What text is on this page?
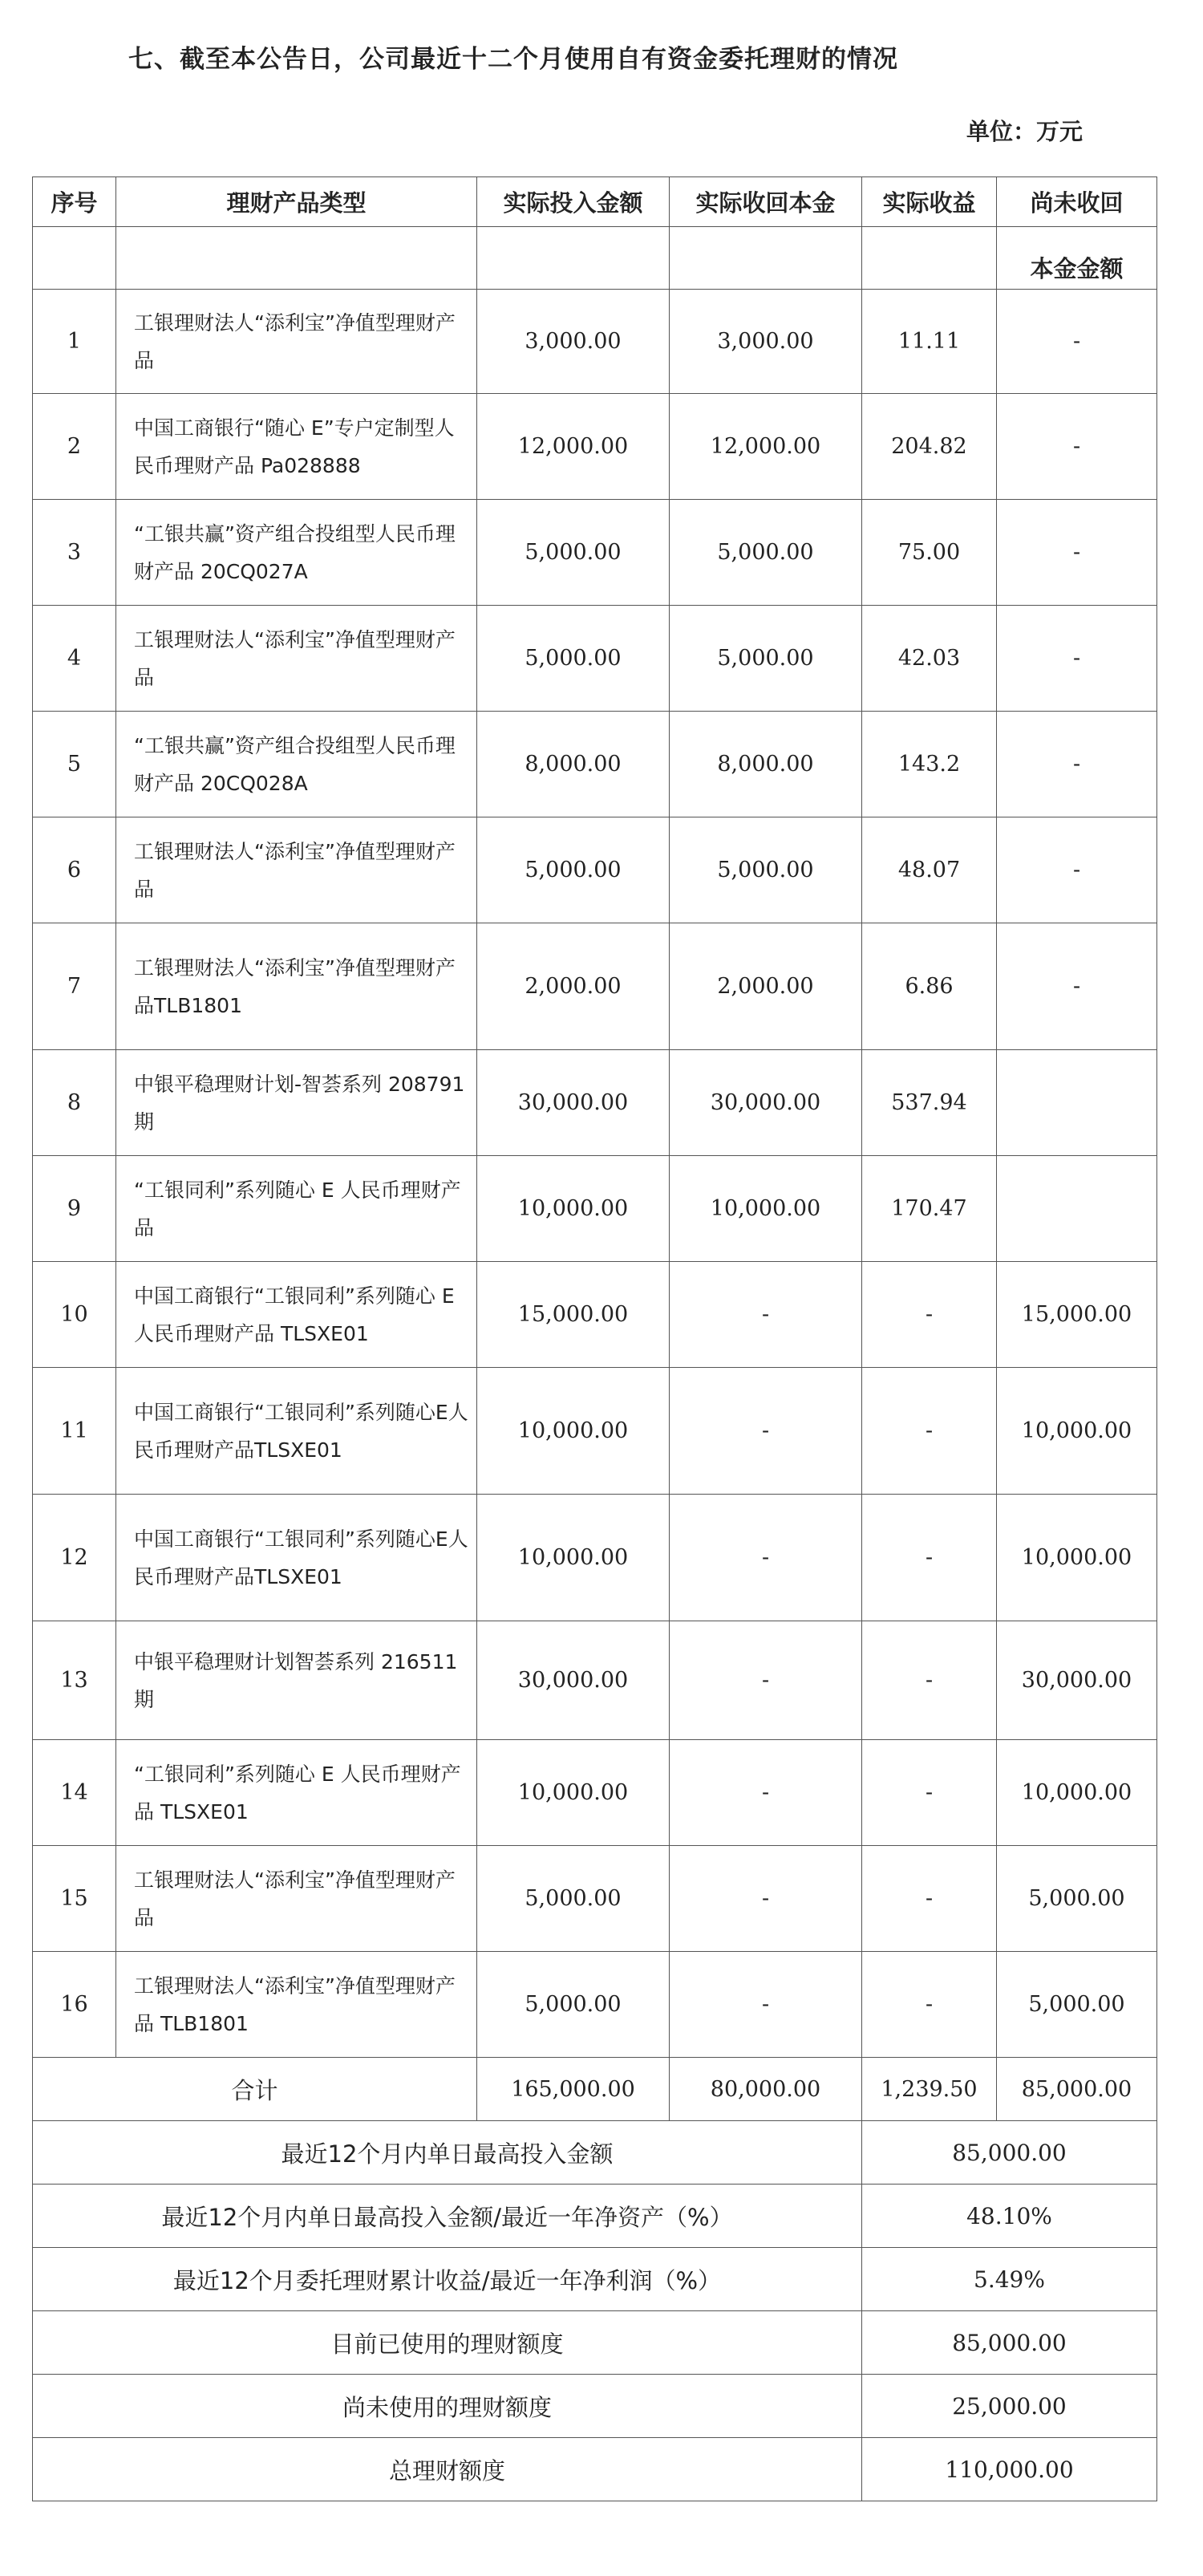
七、截至本公告日，公司最近十二个月使用自有资金委托理财的情况
单位：万元
序号	理财产品类型	实际投入金额	实际收回本金	实际收益	尚未收回
					本金金额
1	工银理财法人“添利宝”净值型理财产品	3,000.00	3,000.00	11.11	-
2	中国工商银行“随心 E”专户定制型人民币理财产品 Pa028888	12,000.00	12,000.00	204.82	-
3	“工银共赢”资产组合投组型人民币理财产品 20CQ027A	5,000.00	5,000.00	75.00	-
4	工银理财法人“添利宝”净值型理财产品	5,000.00	5,000.00	42.03	-
5	“工银共赢”资产组合投组型人民币理财产品 20CQ028A	8,000.00	8,000.00	143.2	-
6	工银理财法人“添利宝”净值型理财产品	5,000.00	5,000.00	48.07	-
7	工银理财法人“添利宝”净值型理财产品TLB1801	2,000.00	2,000.00	6.86	-
8	中银平稳理财计划-智荟系列 208791 期	30,000.00	30,000.00	537.94	
9	“工银同利”系列随心 E 人民币理财产品	10,000.00	10,000.00	170.47	
10	中国工商银行“工银同利”系列随心 E 人民币理财产品 TLSXE01	15,000.00	-	-	15,000.00
11	中国工商银行“工银同利”系列随心E人民币理财产品TLSXE01	10,000.00	-	-	10,000.00
12	中国工商银行“工银同利”系列随心E人民币理财产品TLSXE01	10,000.00	-	-	10,000.00
13	中银平稳理财计划智荟系列 216511 期	30,000.00	-	-	30,000.00
14	“工银同利”系列随心 E 人民币理财产品 TLSXE01	10,000.00	-	-	10,000.00
15	工银理财法人“添利宝”净值型理财产品	5,000.00	-	-	5,000.00
16	工银理财法人“添利宝”净值型理财产品 TLB1801	5,000.00	-	-	5,000.00
合计		165,000.00	80,000.00	1,239.50	85,000.00
最近12个月内单日最高投入金额				85,000.00	
最近12个月内单日最高投入金额/最近一年净资产（%）				48.10%	
最近12个月委托理财累计收益/最近一年净利润（%）				5.49%	
目前已使用的理财额度				85,000.00	
尚未使用的理财额度				25,000.00	
总理财额度				110,000.00	
